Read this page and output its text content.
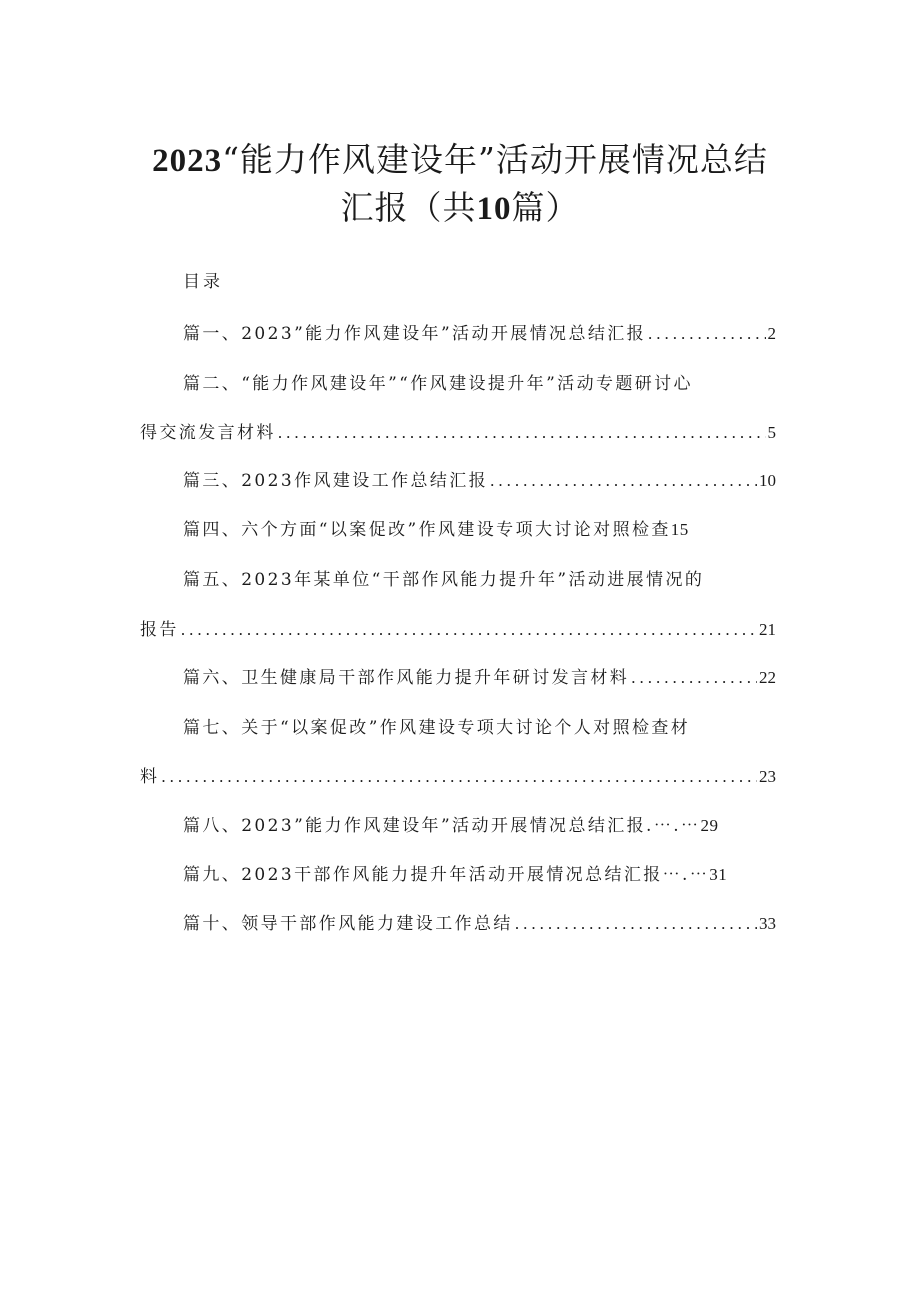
2023“能力作风建设年”活动开展情况总结
汇报（共10篇）
目录
篇一、2023”能力作风建设年”活动开展情况总结汇报 .....	2
篇二、“能力作风建设年”“作风建设提升年”活动专题研讨心
得交流发言材料 .....	5
篇三、2023作风建设工作总结汇报 .....	10
篇四、六个方面“以案促改”作风建设专项大讨论对照检查15
篇五、2023年某单位“干部作风能力提升年”活动进展情况的
报告 .....	21
篇六、卫生健康局干部作风能力提升年研讨发言材料 .....	22
篇七、关于“以案促改”作风建设专项大讨论个人对照检查材
料 .....	23
篇八、2023”能力作风建设年”活动开展情况总结汇报.⋯.⋯29
篇九、2023干部作风能力提升年活动开展情况总结汇报⋯.⋯31
篇十、领导干部作风能力建设工作总结 .....	33
